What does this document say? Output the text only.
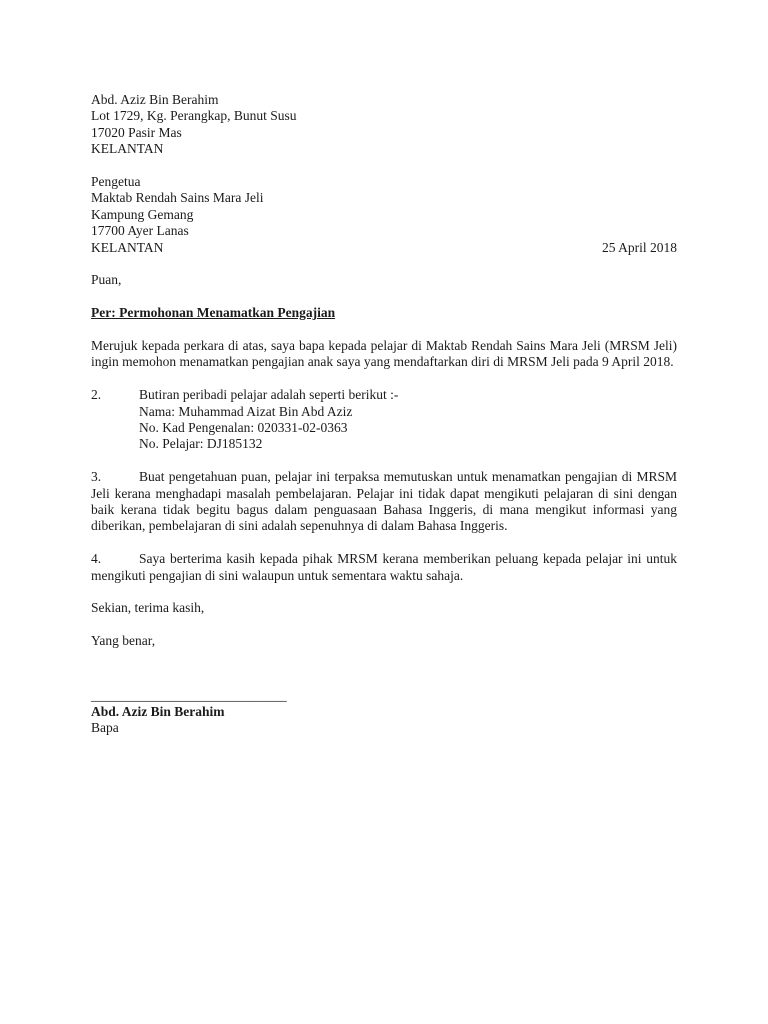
Abd. Aziz Bin Berahim
Lot 1729, Kg. Perangkap, Bunut Susu
17020 Pasir Mas
KELANTAN
Pengetua
Maktab Rendah Sains Mara Jeli
Kampung Gemang
17700 Ayer Lanas
KELANTAN	25 April 2018
Puan,
Per: Permohonan Menamatkan Pengajian
Merujuk kepada perkara di atas, saya bapa kepada pelajar di Maktab Rendah Sains Mara Jeli (MRSM Jeli) ingin memohon menamatkan pengajian anak saya yang mendaftarkan diri di MRSM Jeli pada 9 April 2018.
2.	Butiran peribadi pelajar adalah seperti berikut :-
Nama: Muhammad Aizat Bin Abd Aziz
No. Kad Pengenalan: 020331-02-0363
No. Pelajar: DJ185132
3.	Buat pengetahuan puan, pelajar ini terpaksa memutuskan untuk menamatkan pengajian di MRSM Jeli kerana menghadapi masalah pembelajaran. Pelajar ini tidak dapat mengikuti pelajaran di sini dengan baik kerana tidak begitu bagus dalam penguasaan Bahasa Inggeris, di mana mengikut informasi yang diberikan, pembelajaran di sini adalah sepenuhnya di dalam Bahasa Inggeris.
4.	Saya berterima kasih kepada pihak MRSM kerana memberikan peluang kepada pelajar ini untuk mengikuti pengajian di sini walaupun untuk sementara waktu sahaja.
Sekian, terima kasih,
Yang benar,
_____________________________
Abd. Aziz Bin Berahim
Bapa
